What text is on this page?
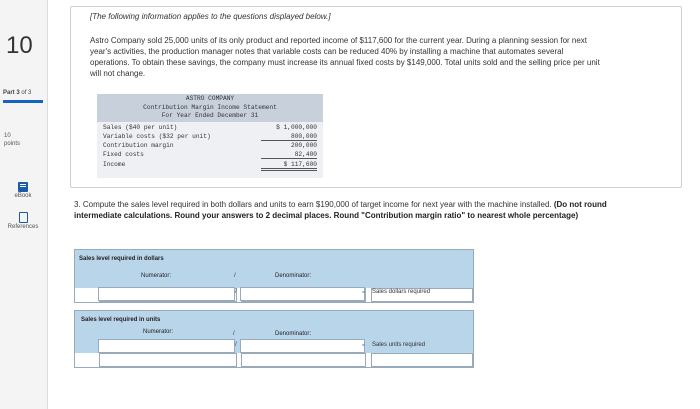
10
Part 3 of 3
10
points
eBook
References
[The following information applies to the questions displayed below.]
Astro Company sold 25,000 units of its only product and reported income of $117,600 for the current year. During a planning session for next year's activities, the production manager notes that variable costs can be reduced 40% by installing a machine that automates several operations. To obtain these savings, the company must increase its annual fixed costs by $149,000. Total units sold and the selling price per unit will not change.
ASTRO COMPANY
Contribution Margin Income Statement
For Year Ended December 31
Sales ($40 per unit)	$ 1,000,000
Variable costs ($32 per unit)	800,000
Contribution margin	200,000
Fixed costs	82,400
Income	$ 117,600
3. Compute the sales level required in both dollars and units to earn $190,000 of target income for next year with the machine installed. (Do not round intermediate calculations. Round your answers to 2 decimal places. Round "Contribution margin ratio" to nearest whole percentage)
Sales level required in dollars
Numerator:	/	Denominator:
/	= Sales dollars required
Sales level required in units
Numerator:	/	Denominator:
/	= Sales units required
